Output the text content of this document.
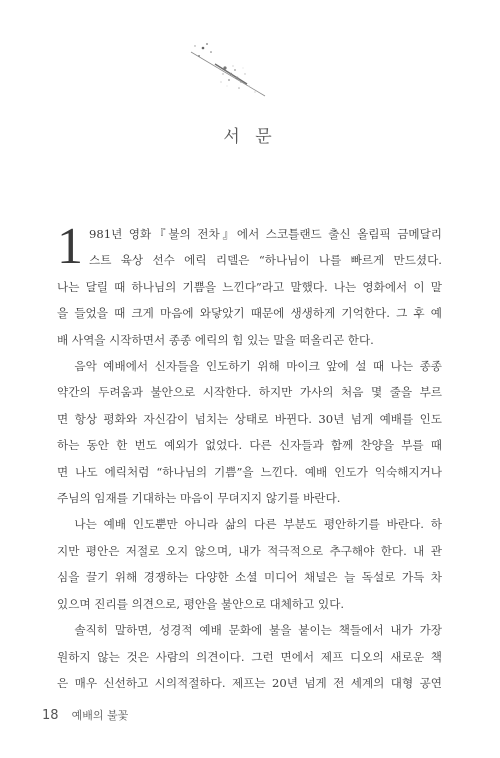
서 문
1 981년 영화『불의 전차』에서 스코틀랜드 출신 올림픽 금메달리

스트 육상 선수 에릭 리델은 “하나님이 나를 빠르게 만드셨다.

나는 달릴 때 하나님의 기쁨을 느낀다”라고 말했다. 나는 영화에서 이 말

을 들었을 때 크게 마음에 와닿았기 때문에 생생하게 기억한다. 그 후 예

배 사역을 시작하면서 종종 에릭의 힘 있는 말을 떠올리곤 한다.

음악 예배에서 신자들을 인도하기 위해 마이크 앞에 설 때 나는 종종

약간의 두려움과 불안으로 시작한다. 하지만 가사의 처음 몇 줄을 부르

면 항상 평화와 자신감이 넘치는 상태로 바뀐다. 30년 넘게 예배를 인도

하는 동안 한 번도 예외가 없었다. 다른 신자들과 함께 찬양을 부를 때

면 나도 에릭처럼 “하나님의 기쁨”을 느낀다. 예배 인도가 익숙해지거나

주님의 임재를 기대하는 마음이 무뎌지지 않기를 바란다.

나는 예배 인도뿐만 아니라 삶의 다른 부분도 평안하기를 바란다. 하

지만 평안은 저절로 오지 않으며, 내가 적극적으로 추구해야 한다. 내 관

심을 끌기 위해 경쟁하는 다양한 소셜 미디어 채널은 늘 독설로 가득 차

있으며 진리를 의견으로, 평안을 불안으로 대체하고 있다.

솔직히 말하면, 성경적 예배 문화에 불을 붙이는 책들에서 내가 가장

원하지 않는 것은 사람의 의견이다. 그런 면에서 제프 디오의 새로운 책

은 매우 신선하고 시의적절하다. 제프는 20년 넘게 전 세계의 대형 공연

18 예배의 불꽃
